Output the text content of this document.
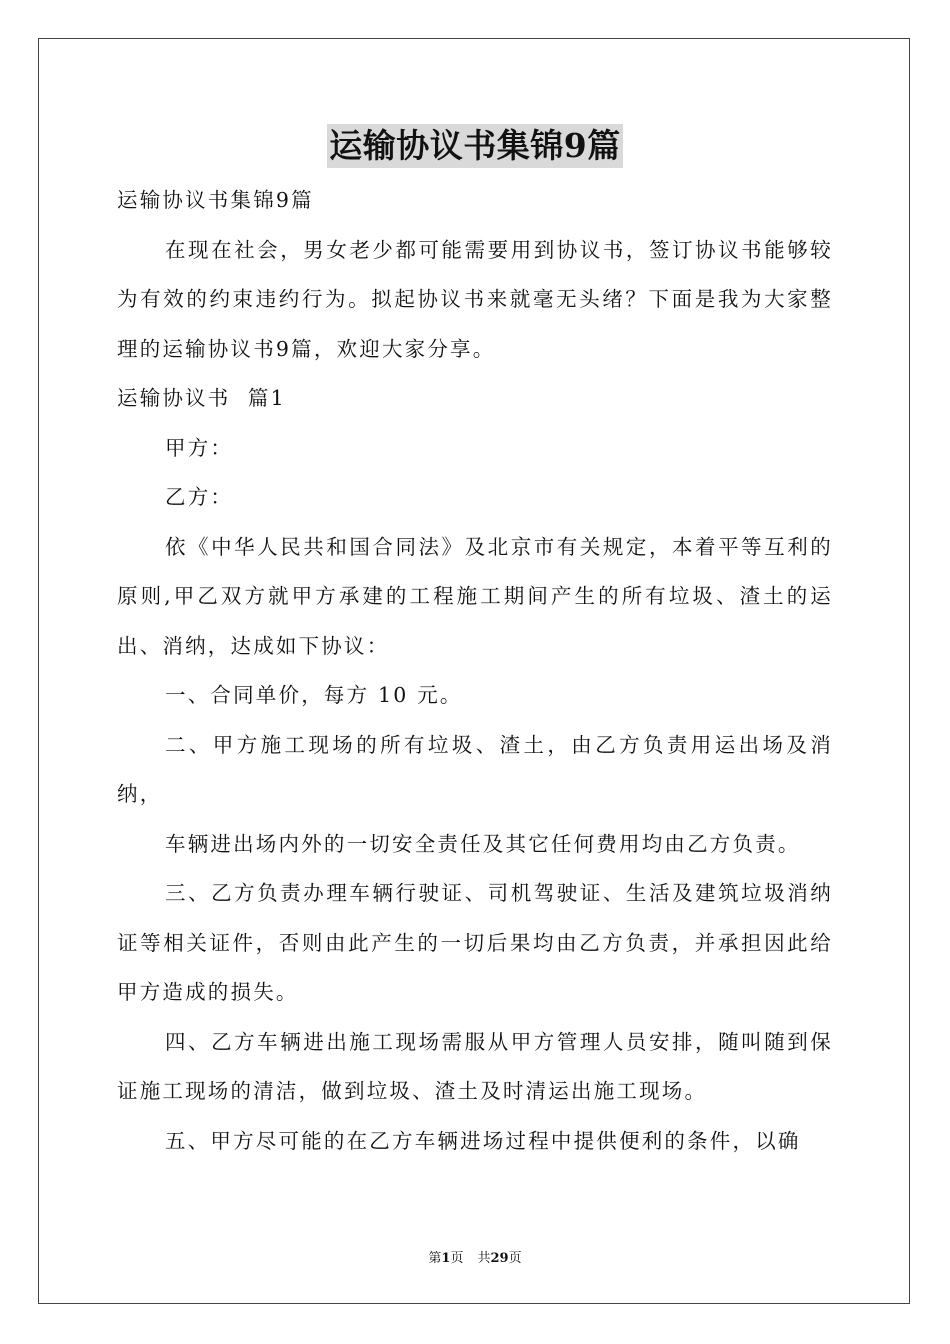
运输协议书集锦9篇

运输协议书集锦9篇

在现在社会，男女老少都可能需要用到协议书，签订协议书能够较为有效的约束违约行为。拟起协议书来就毫无头绪？下面是我为大家整理的运输协议书9篇，欢迎大家分享。

运输协议书  篇1

甲方：

乙方：

依《中华人民共和国合同法》及北京市有关规定，本着平等互利的原则,甲乙双方就甲方承建的工程施工期间产生的所有垃圾、渣土的运出、消纳，达成如下协议：

一、合同单价，每方 10 元。

二、甲方施工现场的所有垃圾、渣土，由乙方负责用运出场及消纳，

车辆进出场内外的一切安全责任及其它任何费用均由乙方负责。

三、乙方负责办理车辆行驶证、司机驾驶证、生活及建筑垃圾消纳证等相关证件，否则由此产生的一切后果均由乙方负责，并承担因此给甲方造成的损失。

四、乙方车辆进出施工现场需服从甲方管理人员安排，随叫随到保证施工现场的清洁，做到垃圾、渣土及时清运出施工现场。

五、甲方尽可能的在乙方车辆进场过程中提供便利的条件，以确

第1页 共29页
